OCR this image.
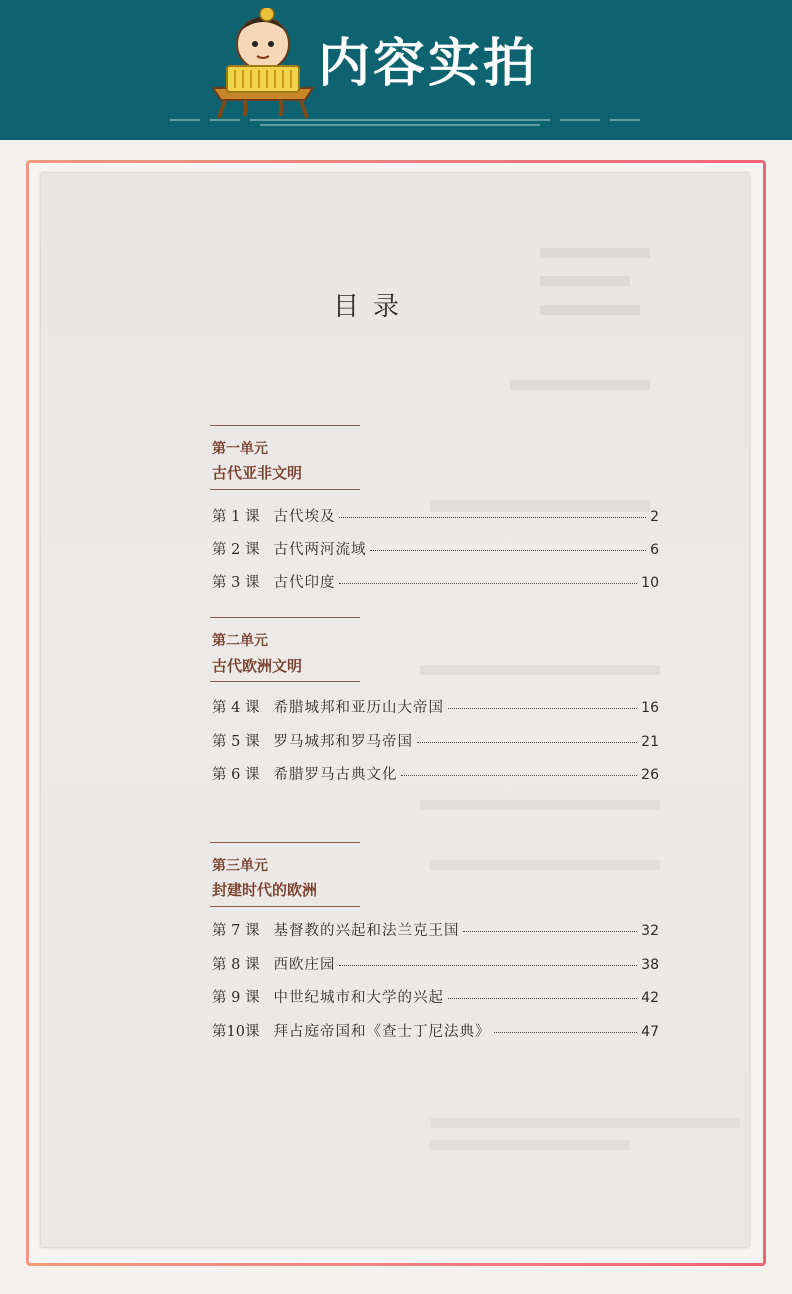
内容实拍
目录
第一单元
古代亚非文明
第 1 课 古代埃及	2
第 2 课 古代两河流域	6
第 3 课 古代印度	10
第二单元
古代欧洲文明
第 4 课 希腊城邦和亚历山大帝国	16
第 5 课 罗马城邦和罗马帝国	21
第 6 课 希腊罗马古典文化	26
第三单元
封建时代的欧洲
第 7 课 基督教的兴起和法兰克王国	32
第 8 课 西欧庄园	38
第 9 课 中世纪城市和大学的兴起	42
第10课 拜占庭帝国和《查士丁尼法典》	47
